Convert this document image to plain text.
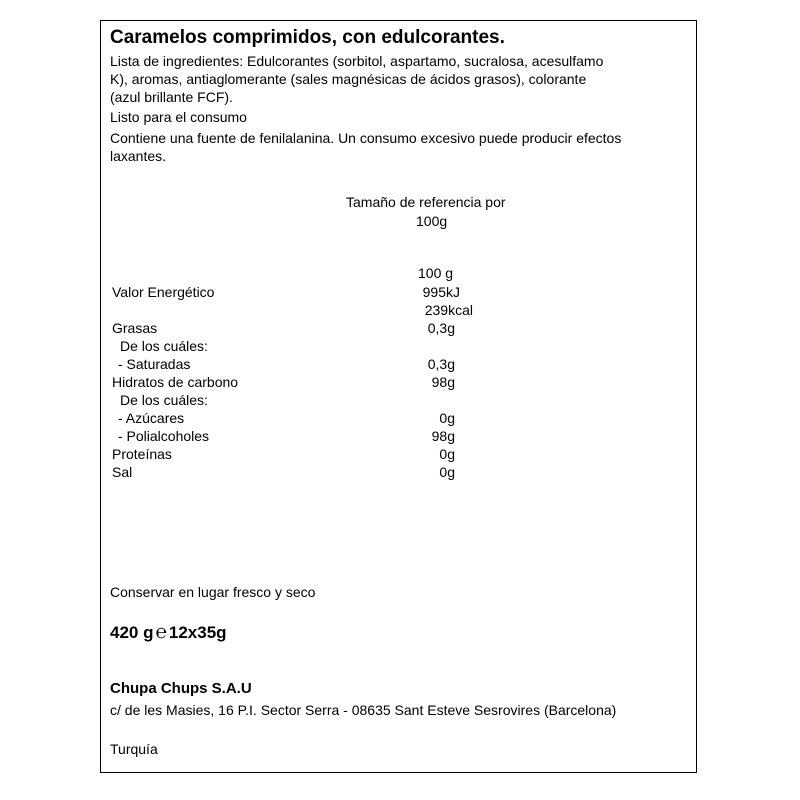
Caramelos comprimidos, con edulcorantes.
Lista de ingredientes: Edulcorantes (sorbitol, aspartamo, sucralosa, acesulfamo
K), aromas, antiaglomerante (sales magnésicas de ácidos grasos), colorante
(azul brillante FCF).
Listo para el consumo
Contiene una fuente de fenilalanina. Un consumo excesivo puede producir efectos
laxantes.
Tamaño de referencia por
100g
100 g
Valor Energético	995kJ
239kcal
Grasas	0,3g
De los cuáles:
- Saturadas	0,3g
Hidratos de carbono	98g
De los cuáles:
- Azúcares	0g
- Polialcoholes	98g
Proteínas	0g
Sal	0g
Conservar en lugar fresco y seco
420 g ℮ 12x35g
Chupa Chups S.A.U
c/ de les Masies, 16 P.I. Sector Serra - 08635 Sant Esteve Sesrovires (Barcelona)
Turquía
